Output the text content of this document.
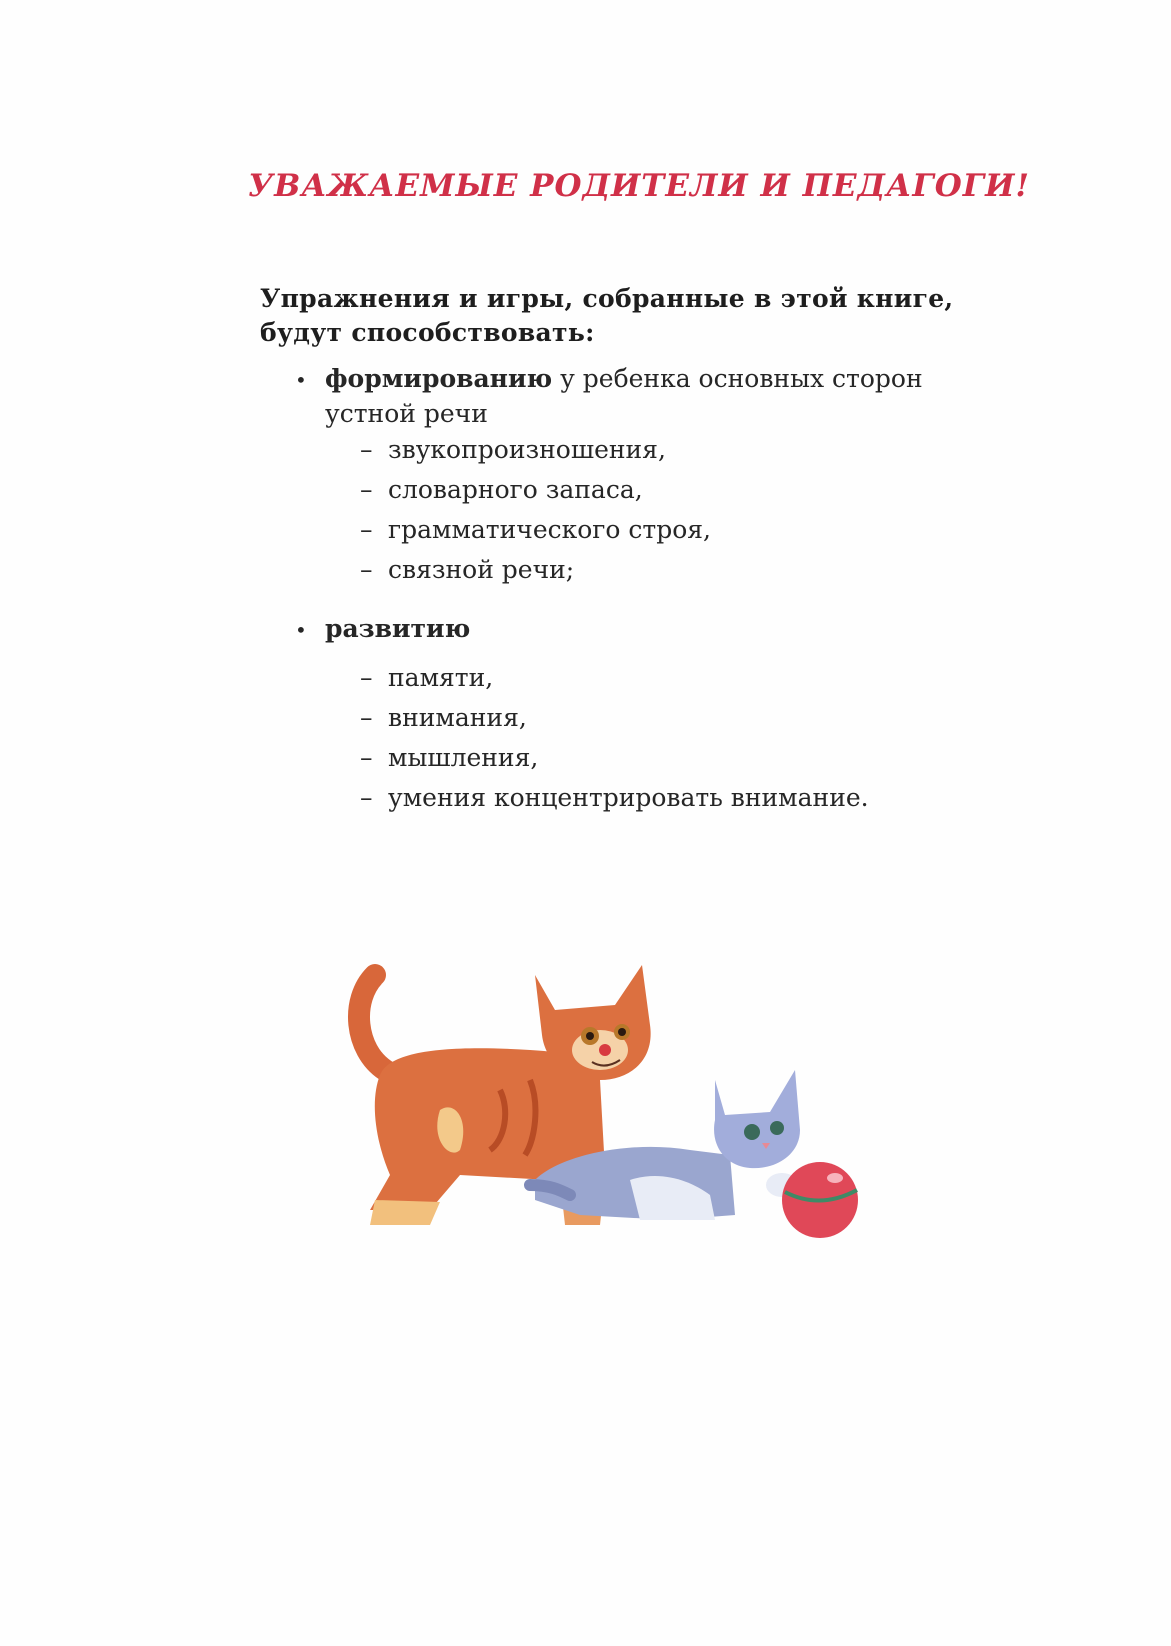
УВАЖАЕМЫЕ РОДИТЕЛИ И ПЕДАГОГИ!
Упражнения и игры, собранные в этой книге,
будут способствовать:
• формированию у ребенка основных сторон
устной речи
– звукопроизношения,
– словарного запаса,
– грамматического строя,
– связной речи;
• развитию
– памяти,
– внимания,
– мышления,
– умения концентрировать внимание.
